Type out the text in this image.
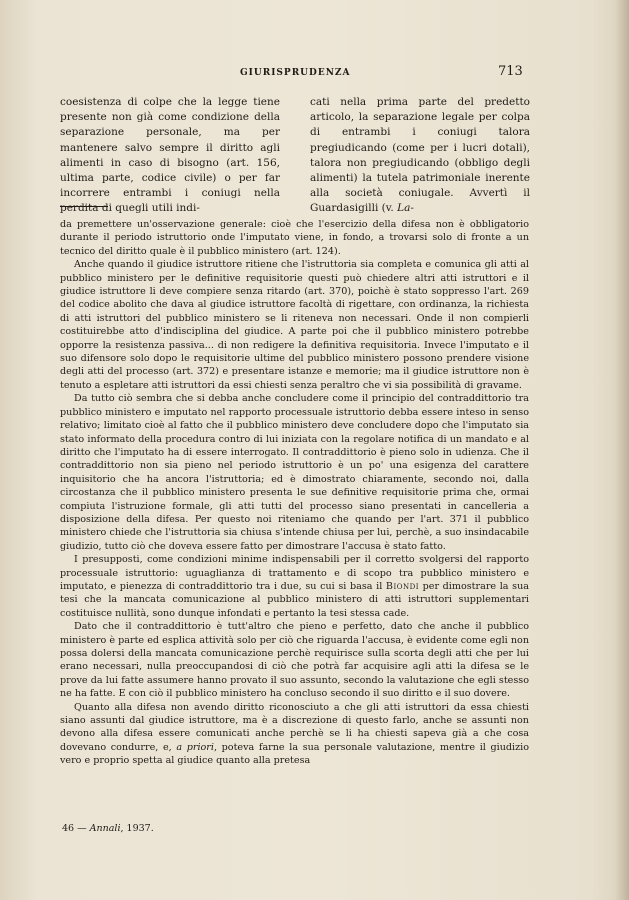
GIURISPRUDENZA	713

coesistenza di colpe che la legge tiene presente non già come condizione della separazione personale, ma per mantenere salvo sempre il diritto agli alimenti in caso di bisogno (art. 156, ultima parte, codice civile) o per far incorrere entrambi i coniugi nella perdita di quegli utili indi-

cati nella prima parte del predetto articolo, la separazione legale per colpa di entrambi i coniugi talora pregiudicando (come per i lucri dotali), talora non pregiudicando (obbligo degli alimenti) la tutela patrimoniale inerente alla società coniugale. Avvertì il Guardasigilli (v. La-

da premettere un'osservazione generale: cioè che l'esercizio della difesa non è obbligatorio durante il periodo istruttorio onde l'imputato viene, in fondo, a trovarsi solo di fronte a un tecnico del diritto quale è il pubblico ministero (art. 124).

Anche quando il giudice istruttore ritiene che l'istruttoria sia completa e comunica gli atti al pubblico ministero per le definitive requisitorie questi può chiedere altri atti istruttori e il giudice istruttore li deve compiere senza ritardo (art. 370), poichè è stato soppresso l'art. 269 del codice abolito che dava al giudice istruttore facoltà di rigettare, con ordinanza, la richiesta di atti istruttori del pubblico ministero se li riteneva non necessari. Onde il non compierli costituirebbe atto d'indisciplina del giudice. A parte poi che il pubblico ministero potrebbe opporre la resistenza passiva... di non redigere la definitiva requisitoria. Invece l'imputato e il suo difensore solo dopo le requisitorie ultime del pubblico ministero possono prendere visione degli atti del processo (art. 372) e presentare istanze e memorie; ma il giudice istruttore non è tenuto a espletare atti istruttori da essi chiesti senza peraltro che vi sia possibilità di gravame.

Da tutto ciò sembra che si debba anche concludere come il principio del contraddittorio tra pubblico ministero e imputato nel rapporto processuale istruttorio debba essere inteso in senso relativo; limitato cioè al fatto che il pubblico ministero deve concludere dopo che l'imputato sia stato informato della procedura contro di lui iniziata con la regolare notifica di un mandato e al diritto che l'imputato ha di essere interrogato. Il contraddittorio è pieno solo in udienza. Che il contraddittorio non sia pieno nel periodo istruttorio è un po' una esigenza del carattere inquisitorio che ha ancora l'istruttoria; ed è dimostrato chiaramente, secondo noi, dalla circostanza che il pubblico ministero presenta le sue definitive requisitorie prima che, ormai compiuta l'istruzione formale, gli atti tutti del processo siano presentati in cancelleria a disposizione della difesa. Per questo noi riteniamo che quando per l'art. 371 il pubblico ministero chiede che l'istruttoria sia chiusa s'intende chiusa per lui, perchè, a suo insindacabile giudizio, tutto ciò che doveva essere fatto per dimostrare l'accusa è stato fatto.

I presupposti, come condizioni minime indispensabili per il corretto svolgersi del rapporto processuale istruttorio: uguaglianza di trattamento e di scopo tra pubblico ministero e imputato, e pienezza di contraddittorio tra i due, su cui si basa il Biondi per dimostrare la sua tesi che la mancata comunicazione al pubblico ministero di atti istruttori supplementari costituisce nullità, sono dunque infondati e pertanto la tesi stessa cade.

Dato che il contraddittorio è tutt'altro che pieno e perfetto, dato che anche il pubblico ministero è parte ed esplica attività solo per ciò che riguarda l'accusa, è evidente come egli non possa dolersi della mancata comunicazione perchè requirisce sulla scorta degli atti che per lui erano necessari, nulla preoccupandosi di ciò che potrà far acquisire agli atti la difesa se le prove da lui fatte assumere hanno provato il suo assunto, secondo la valutazione che egli stesso ne ha fatte. E con ciò il pubblico ministero ha concluso secondo il suo diritto e il suo dovere.

Quanto alla difesa non avendo diritto riconosciuto a che gli atti istruttori da essa chiesti siano assunti dal giudice istruttore, ma è a discrezione di questo farlo, anche se assunti non devono alla difesa essere comunicati anche perchè se li ha chiesti sapeva già a che cosa dovevano condurre, e, a priori, poteva farne la sua personale valutazione, mentre il giudizio vero e proprio spetta al giudice quanto alla pretesa

46 — Annali, 1937.
